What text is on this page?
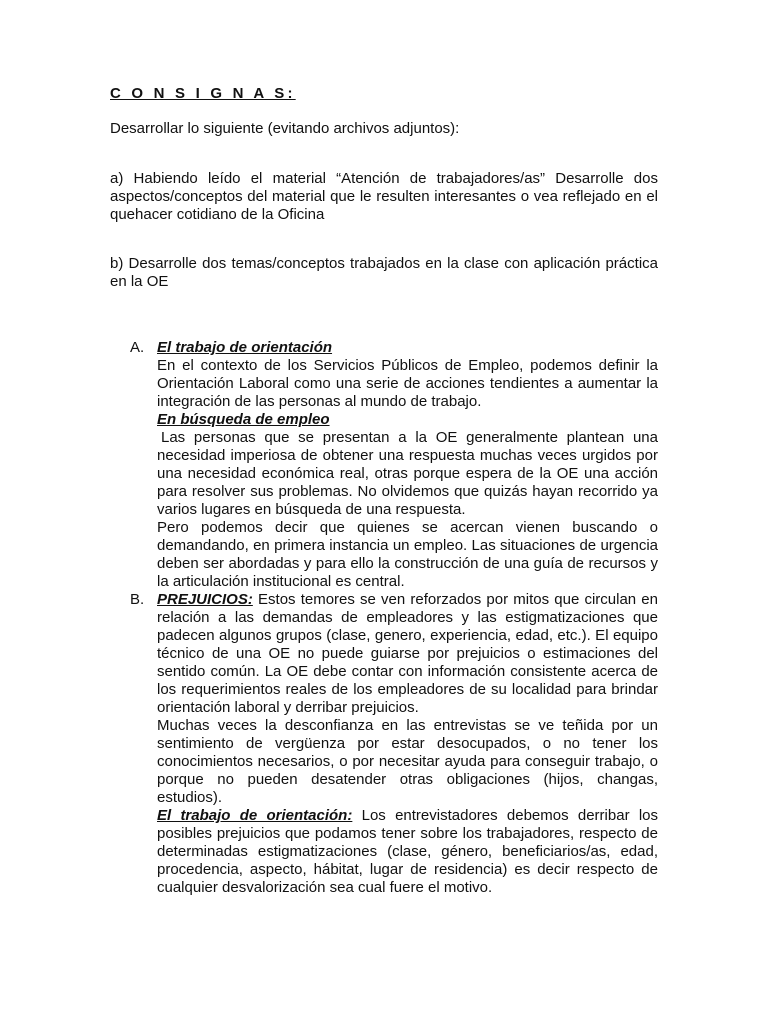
C O N S I G N A S:

Desarrollar lo siguiente (evitando archivos adjuntos):

a) Habiendo leído el material “Atención de trabajadores/as” Desarrolle dos aspectos/conceptos del material que le resulten interesantes o vea reflejado en el quehacer cotidiano de la Oficina

b) Desarrolle dos temas/conceptos trabajados en la clase con aplicación práctica en la OE

A. El trabajo de orientación

En el contexto de los Servicios Públicos de Empleo, podemos definir la Orientación Laboral como una serie de acciones tendientes a aumentar la integración de las personas al mundo de trabajo.

En búsqueda de empleo

Las personas que se presentan a la OE generalmente plantean una necesidad imperiosa de obtener una respuesta muchas veces urgidos por una necesidad económica real, otras porque espera de la OE una acción para resolver sus problemas. No olvidemos que quizás hayan recorrido ya varios lugares en búsqueda de una respuesta.

Pero podemos decir que quienes se acercan vienen buscando o demandando, en primera instancia un empleo. Las situaciones de urgencia deben ser abordadas y para ello la construcción de una guía de recursos y la articulación institucional es central.

B. PREJUICIOS: Estos temores se ven reforzados por mitos que circulan en relación a las demandas de empleadores y las estigmatizaciones que padecen algunos grupos (clase, genero, experiencia, edad, etc.). El equipo técnico de una OE no puede guiarse por prejuicios o estimaciones del sentido común. La OE debe contar con información consistente acerca de los requerimientos reales de los empleadores de su localidad para brindar orientación laboral y derribar prejuicios.

Muchas veces la desconfianza en las entrevistas se ve teñida por un sentimiento de vergüenza por estar desocupados, o no tener los conocimientos necesarios, o por necesitar ayuda para conseguir trabajo, o porque no pueden desatender otras obligaciones (hijos, changas, estudios).

El trabajo de orientación: Los entrevistadores debemos derribar los posibles prejuicios que podamos tener sobre los trabajadores, respecto de determinadas estigmatizaciones (clase, género, beneficiarios/as, edad, procedencia, aspecto, hábitat, lugar de residencia) es decir respecto de cualquier desvalorización sea cual fuere el motivo.
